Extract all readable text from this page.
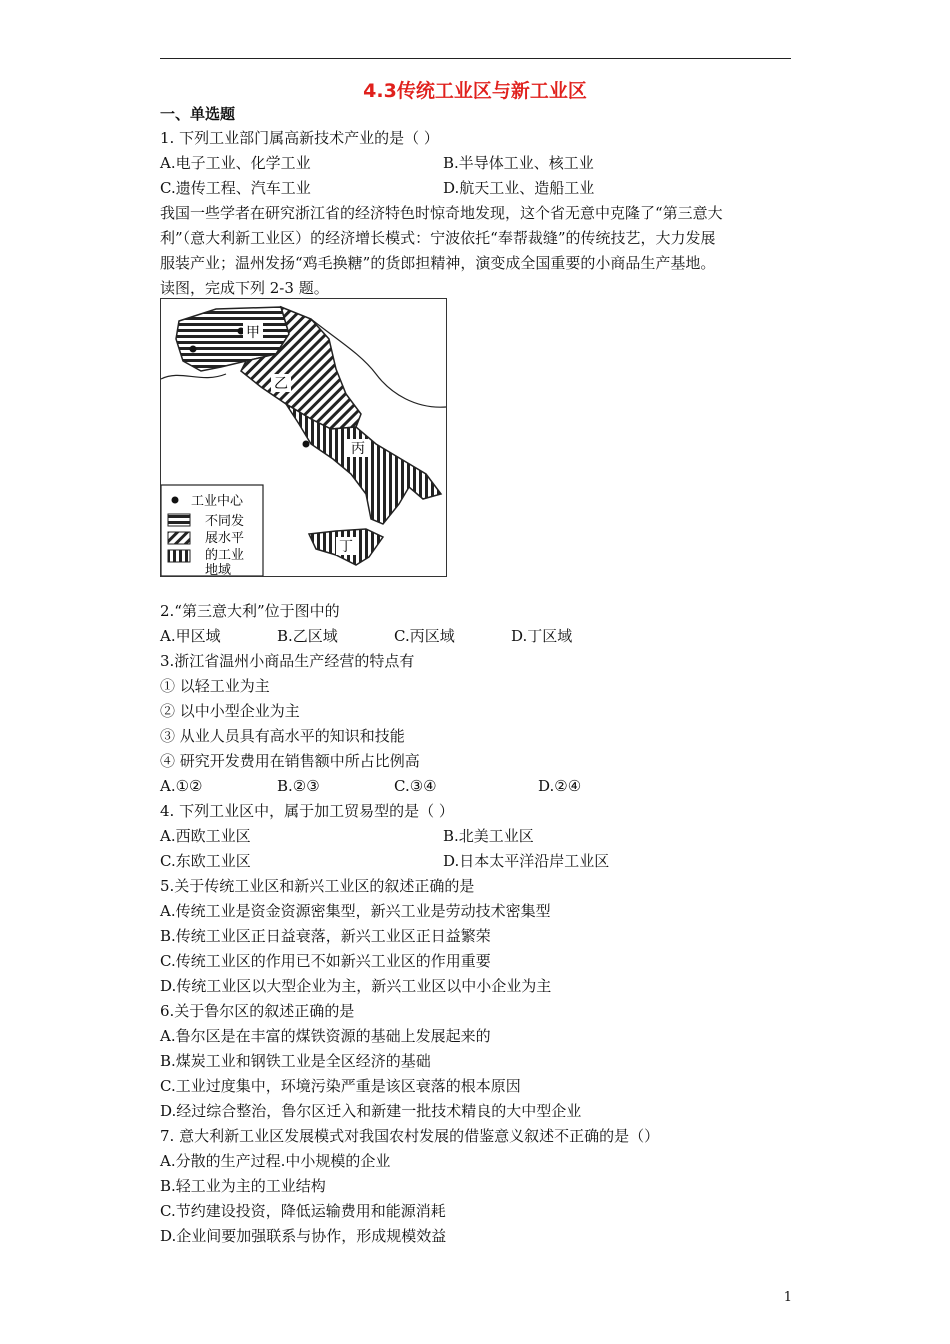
4.3传统工业区与新工业区
一、单选题
1. 下列工业部门属高新技术产业的是（ ）
A.电子工业、化学工业	B.半导体工业、核工业
C.遗传工程、汽车工业	D.航天工业、造船工业
我国一些学者在研究浙江省的经济特色时惊奇地发现，这个省无意中克隆了“第三意大
利”（意大利新工业区）的经济增长模式：宁波依托“奉帮裁缝”的传统技艺，大力发展
服装产业；温州发扬“鸡毛换糖”的货郎担精神，演变成全国重要的小商品生产基地。
读图，完成下列 2-3 题。
甲
乙
丙
丁
工业中心
不同发
展水平
的工业
地域
2.“第三意大利”位于图中的
A.甲区域	B.乙区域	C.丙区域	D.丁区域
3.浙江省温州小商品生产经营的特点有
① 以轻工业为主
② 以中小型企业为主
③ 从业人员具有高水平的知识和技能
④ 研究开发费用在销售额中所占比例高
A.①②	B.②③	C.③④	D.②④
4. 下列工业区中，属于加工贸易型的是（ ）
A.西欧工业区	B.北美工业区
C.东欧工业区	D.日本太平洋沿岸工业区
5.关于传统工业区和新兴工业区的叙述正确的是
A.传统工业是资金资源密集型，新兴工业是劳动技术密集型
B.传统工业区正日益衰落，新兴工业区正日益繁荣
C.传统工业区的作用已不如新兴工业区的作用重要
D.传统工业区以大型企业为主，新兴工业区以中小企业为主
6.关于鲁尔区的叙述正确的是
A.鲁尔区是在丰富的煤铁资源的基础上发展起来的
B.煤炭工业和钢铁工业是全区经济的基础
C.工业过度集中，环境污染严重是该区衰落的根本原因
D.经过综合整治，鲁尔区迁入和新建一批技术精良的大中型企业
7. 意大利新工业区发展模式对我国农村发展的借鉴意义叙述不正确的是（）
A.分散的生产过程.中小规模的企业
B.轻工业为主的工业结构
C.节约建设投资，降低运输费用和能源消耗
D.企业间要加强联系与协作，形成规模效益
1
